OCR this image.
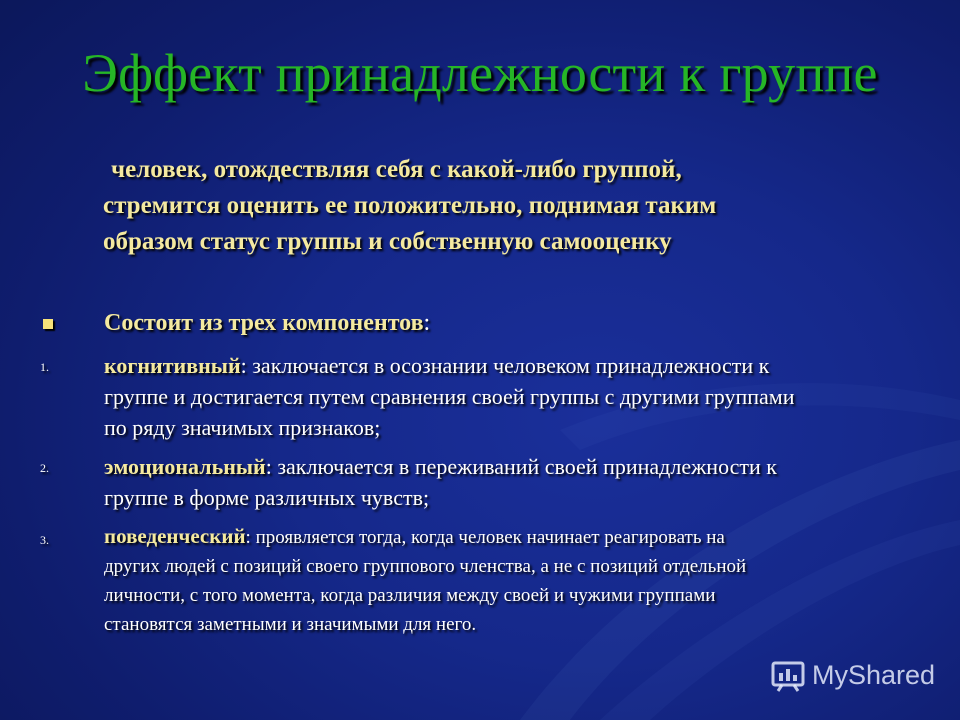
Эффект принадлежности к группе
человек, отождествляя себя с какой-либо группой,
стремится оценить ее положительно, поднимая таким
образом статус группы и собственную самооценку
Состоит из трех компонентов:
1.	когнитивный: заключается в осознании человеком принадлежности к
группе и достигается путем сравнения своей группы с другими группами
по ряду значимых признаков;
2.	эмоциональный: заключается в переживаний своей принадлежности к
группе в форме различных чувств;
3.	поведенческий: проявляется тогда, когда человек начинает реагировать на
других людей с позиций своего группового членства, а не с позиций отдельной
личности, с того момента, когда различия между своей и чужими группами
становятся заметными и значимыми для него.
MyShared
